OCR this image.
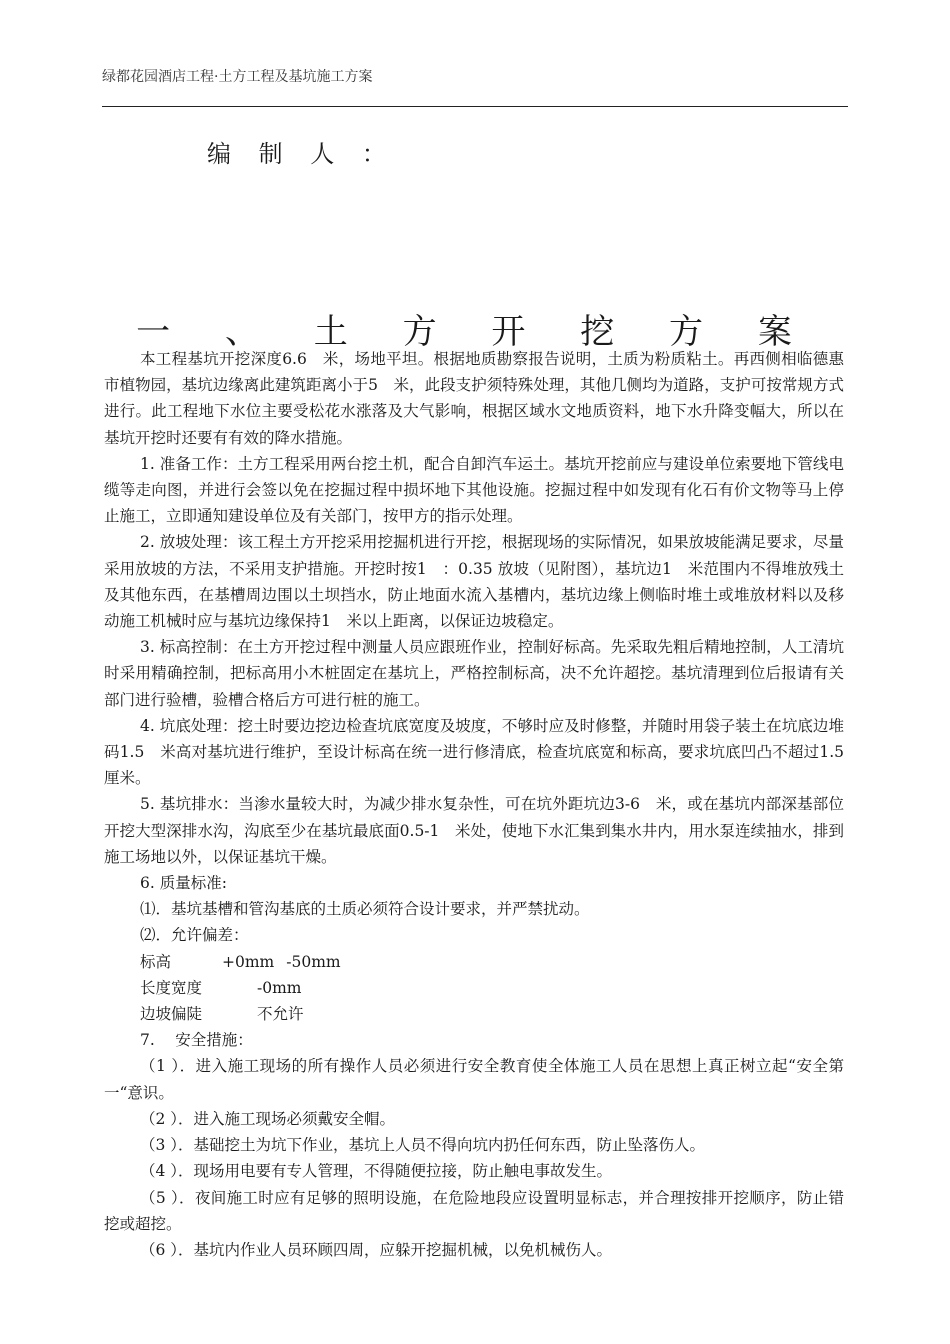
绿都花园酒店工程·土方工程及基坑施工方案
编 制 人 ：
一 、 土 方 开 挖 方 案

本工程基坑开挖深度6.6　米，场地平坦。根据地质勘察报告说明，土质为粉质粘土。再西侧相临德惠市植物园，基坑边缘离此建筑距离小于5　米，此段支护须特殊处理，其他几侧均为道路，支护可按常规方式进行。此工程地下水位主要受松花水涨落及大气影响，根据区域水文地质资料，地下水升降变幅大，所以在基坑开挖时还要有有效的降水措施。

1. 准备工作：土方工程采用两台挖土机，配合自卸汽车运土。基坑开挖前应与建设单位索要地下管线电缆等走向图，并进行会签以免在挖掘过程中损坏地下其他设施。挖掘过程中如发现有化石有价文物等马上停止施工，立即通知建设单位及有关部门，按甲方的指示处理。

2. 放坡处理：该工程土方开挖采用挖掘机进行开挖，根据现场的实际情况，如果放坡能满足要求，尽量采用放坡的方法，不采用支护措施。开挖时按1　：0.35 放坡（见附图），基坑边1　米范围内不得堆放残土及其他东西，在基槽周边围以土坝挡水，防止地面水流入基槽内，基坑边缘上侧临时堆土或堆放材料以及移动施工机械时应与基坑边缘保持1　米以上距离，以保证边坡稳定。

3. 标高控制：在土方开挖过程中测量人员应跟班作业，控制好标高。先采取先粗后精地控制，人工清坑时采用精确控制，把标高用小木桩固定在基坑上，严格控制标高，决不允许超挖。基坑清理到位后报请有关部门进行验槽，验槽合格后方可进行桩的施工。

4. 坑底处理：挖土时要边挖边检查坑底宽度及坡度，不够时应及时修整，并随时用袋子装土在坑底边堆码1.5　米高对基坑进行维护，至设计标高在统一进行修清底，检查坑底宽和标高，要求坑底凹凸不超过1.5　厘米。

5. 基坑排水：当渗水量较大时，为减少排水复杂性，可在坑外距坑边3-6　米，或在基坑内部深基部位开挖大型深排水沟，沟底至少在基坑最底面0.5-1　米处，使地下水汇集到集水井内，用水泵连续抽水，排到施工场地以外，以保证基坑干燥。

6. 质量标准:

⑴．基坑基槽和管沟基底的土质必须符合设计要求，并严禁扰动。

⑵．允许偏差：

标高	+0mm -50mm
长度宽度	-0mm
边坡偏陡	不允许

7.　 安全措施：

（1 ）．进入施工现场的所有操作人员必须进行安全教育使全体施工人员在思想上真正树立起“安全第一“意识。

（2 ）．进入施工现场必须戴安全帽。

（3 ）．基础挖土为坑下作业，基坑上人员不得向坑内扔任何东西，防止坠落伤人。

（4 ）．现场用电要有专人管理，不得随便拉接，防止触电事故发生。

（5 ）．夜间施工时应有足够的照明设施，在危险地段应设置明显标志，并合理按排开挖顺序，防止错挖或超挖。

（6 ）．基坑内作业人员环顾四周，应躲开挖掘机械，以免机械伤人。
